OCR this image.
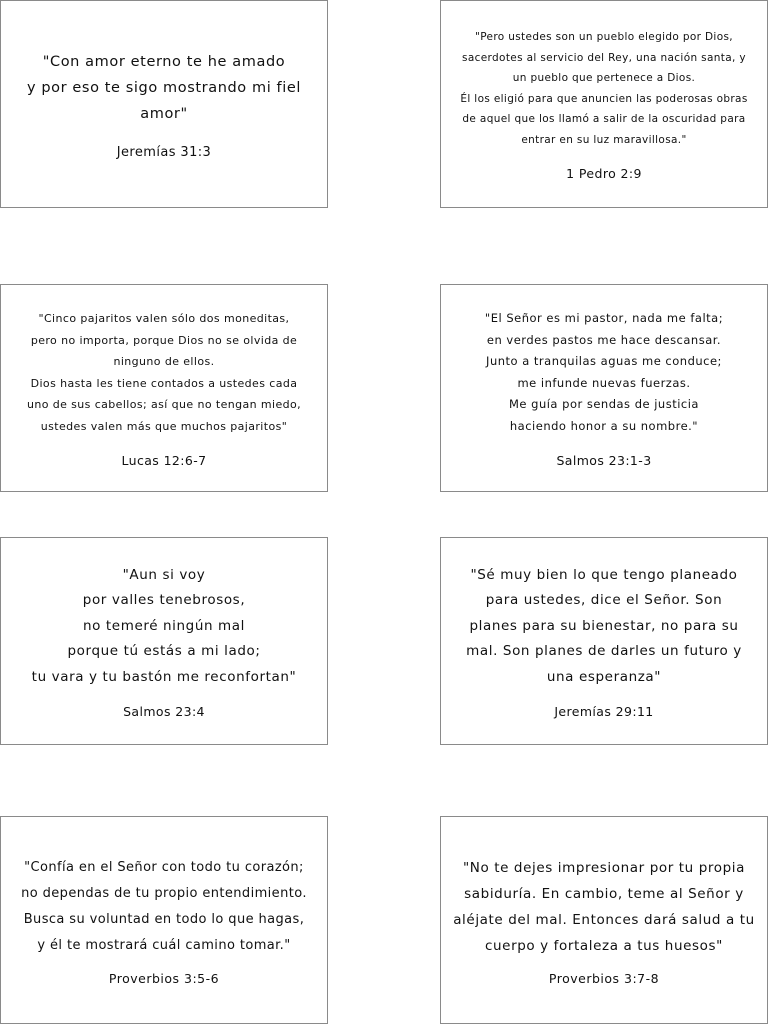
"Con amor eterno te he amado
y por eso te sigo mostrando mi fiel
amor"

Jeremías 31:3

"Pero ustedes son un pueblo elegido por Dios,
sacerdotes al servicio del Rey, una nación santa, y
un pueblo que pertenece a Dios.
Él los eligió para que anuncien las poderosas obras
de aquel que los llamó a salir de la oscuridad para
entrar en su luz maravillosa."

1 Pedro 2:9

"Cinco pajaritos valen sólo dos moneditas,
pero no importa, porque Dios no se olvida de
ninguno de ellos.
Dios hasta les tiene contados a ustedes cada
uno de sus cabellos; así que no tengan miedo,
ustedes valen más que muchos pajaritos"

Lucas 12:6-7

"El Señor es mi pastor, nada me falta;
en verdes pastos me hace descansar.
Junto a tranquilas aguas me conduce;
me infunde nuevas fuerzas.
Me guía por sendas de justicia
haciendo honor a su nombre."

Salmos 23:1-3

"Aun si voy
por valles tenebrosos,
no temeré ningún mal
porque tú estás a mi lado;
tu vara y tu bastón me reconfortan"

Salmos 23:4

"Sé muy bien lo que tengo planeado
para ustedes, dice el Señor. Son
planes para su bienestar, no para su
mal. Son planes de darles un futuro y
una esperanza"

Jeremías 29:11

"Confía en el Señor con todo tu corazón;
no dependas de tu propio entendimiento.
Busca su voluntad en todo lo que hagas,
y él te mostrará cuál camino tomar."

Proverbios 3:5-6

"No te dejes impresionar por tu propia
sabiduría. En cambio, teme al Señor y
aléjate del mal. Entonces dará salud a tu
cuerpo y fortaleza a tus huesos"

Proverbios 3:7-8
